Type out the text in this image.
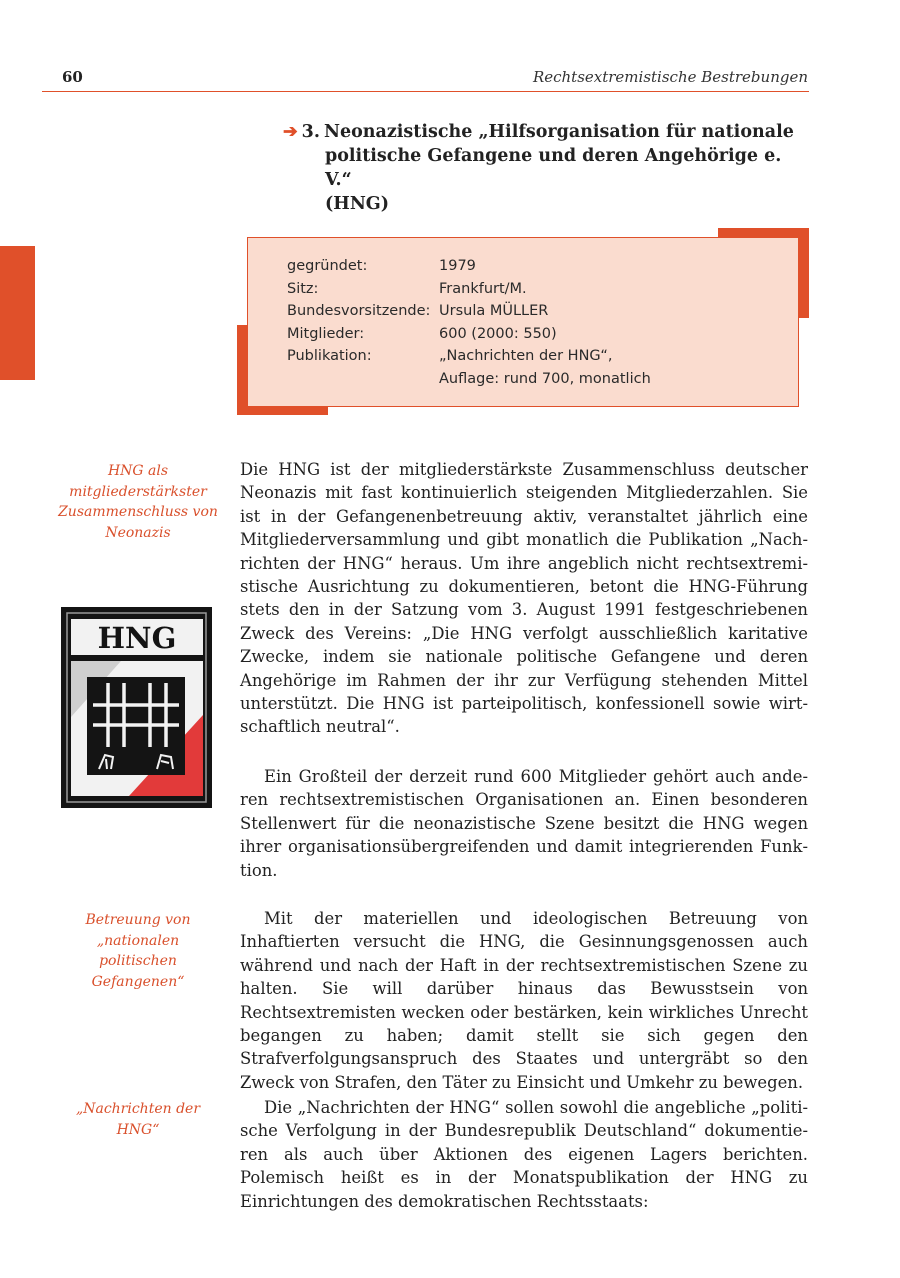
60	Rechtsextremistische Bestrebungen
➔ 3. Neonazistische „Hilfsorganisation für nationale
politische Gefangene und deren Angehörige e. V.“
(HNG)
gegründet:	1979
Sitz:	Frankfurt/M.
Bundesvorsitzende: Ursula MÜLLER
Mitglieder:	600 (2000: 550)
Publikation:	„Nachrichten der HNG“,
Auflage: rund 700, monatlich
HNG als mitgliederstärkster Zusammenschluss von Neonazis
Betreuung von „nationalen politischen Gefangenen“
„Nachrichten der HNG“
HNG
Die HNG ist der mitgliederstärkste Zusammenschluss deutscher Neonazis mit fast kontinuierlich steigenden Mitgliederzahlen. Sie ist in der Gefangenenbetreuung aktiv, veranstaltet jährlich eine Mitgliederversammlung und gibt monatlich die Publikation „Nachrichten der HNG“ heraus. Um ihre angeblich nicht rechtsextremistische Ausrichtung zu dokumentieren, betont die HNG-Führung stets den in der Satzung vom 3. August 1991 festgeschriebenen Zweck des Vereins: „Die HNG verfolgt ausschließlich karitative Zwecke, indem sie nationale politische Gefangene und deren Angehörige im Rahmen der ihr zur Verfügung stehenden Mittel unterstützt. Die HNG ist parteipolitisch, konfessionell sowie wirtschaftlich neutral“.
Ein Großteil der derzeit rund 600 Mitglieder gehört auch anderen rechtsextremistischen Organisationen an. Einen besonderen Stellenwert für die neonazistische Szene besitzt die HNG wegen ihrer organisationsübergreifenden und damit integrierenden Funktion.
Mit der materiellen und ideologischen Betreuung von Inhaftierten versucht die HNG, die Gesinnungsgenossen auch während und nach der Haft in der rechtsextremistischen Szene zu halten. Sie will darüber hinaus das Bewusstsein von Rechtsextremisten wecken oder bestärken, kein wirkliches Unrecht begangen zu haben; damit stellt sie sich gegen den Strafverfolgungsanspruch des Staates und untergräbt so den Zweck von Strafen, den Täter zu Einsicht und Umkehr zu bewegen.
Die „Nachrichten der HNG“ sollen sowohl die angebliche „politische Verfolgung in der Bundesrepublik Deutschland“ dokumentieren als auch über Aktionen des eigenen Lagers berichten. Polemisch heißt es in der Monatspublikation der HNG zu Einrichtungen des demokratischen Rechtsstaats:
